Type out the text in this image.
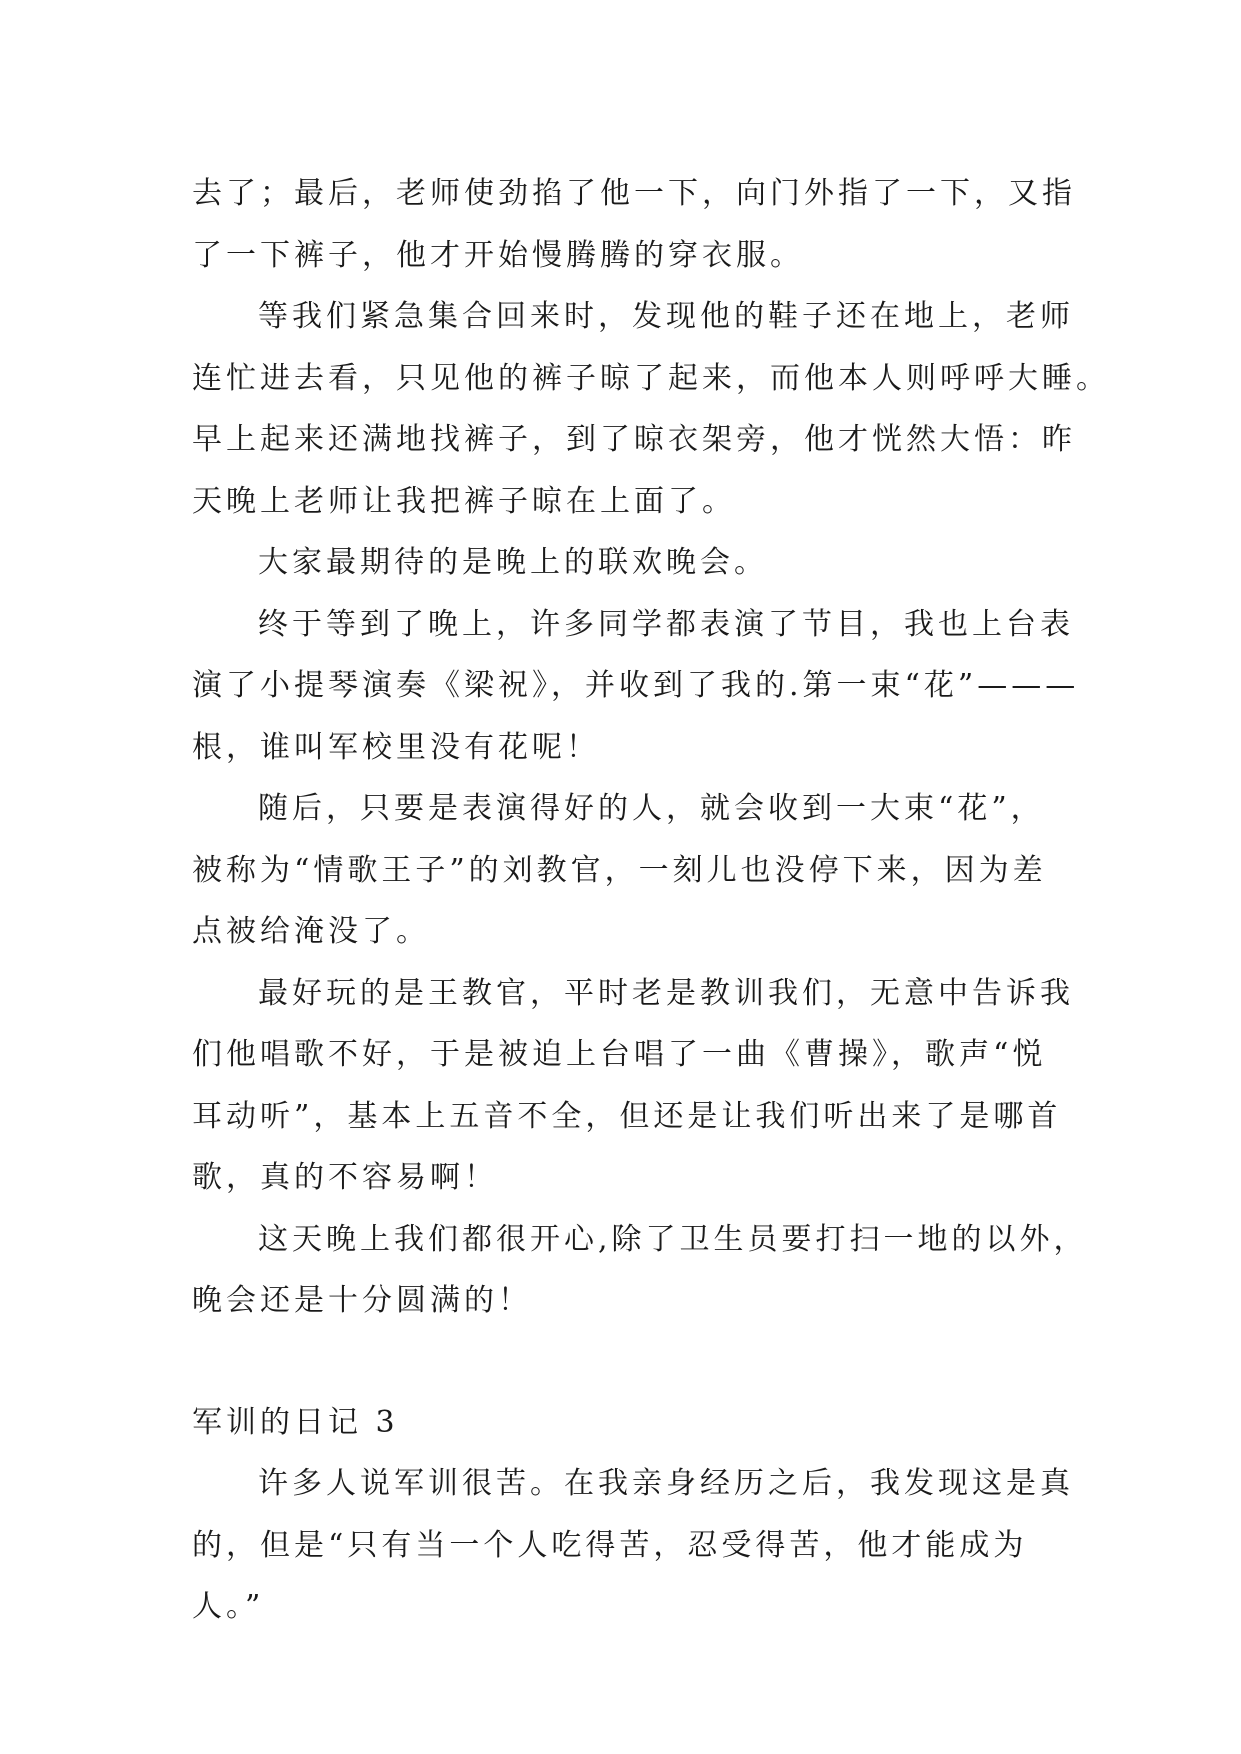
去了；最后，老师使劲掐了他一下，向门外指了一下，又指
了一下裤子，他才开始慢腾腾的穿衣服。
等我们紧急集合回来时，发现他的鞋子还在地上，老师
连忙进去看，只见他的裤子晾了起来，而他本人则呼呼大睡。
早上起来还满地找裤子，到了晾衣架旁，他才恍然大悟：昨
天晚上老师让我把裤子晾在上面了。
大家最期待的是晚上的联欢晚会。
终于等到了晚上，许多同学都表演了节目，我也上台表
演了小提琴演奏《梁祝》，并收到了我的.第一束“花”———
根，谁叫军校里没有花呢！
随后，只要是表演得好的人，就会收到一大束“花”，
被称为“情歌王子”的刘教官，一刻儿也没停下来，因为差
点被给淹没了。
最好玩的是王教官，平时老是教训我们，无意中告诉我
们他唱歌不好，于是被迫上台唱了一曲《曹操》，歌声“悦
耳动听”，基本上五音不全，但还是让我们听出来了是哪首
歌，真的不容易啊！
这天晚上我们都很开心,除了卫生员要打扫一地的以外，
晚会还是十分圆满的！
军训的日记 3
许多人说军训很苦。在我亲身经历之后，我发现这是真
的，但是“只有当一个人吃得苦，忍受得苦，他才能成为
人。”
